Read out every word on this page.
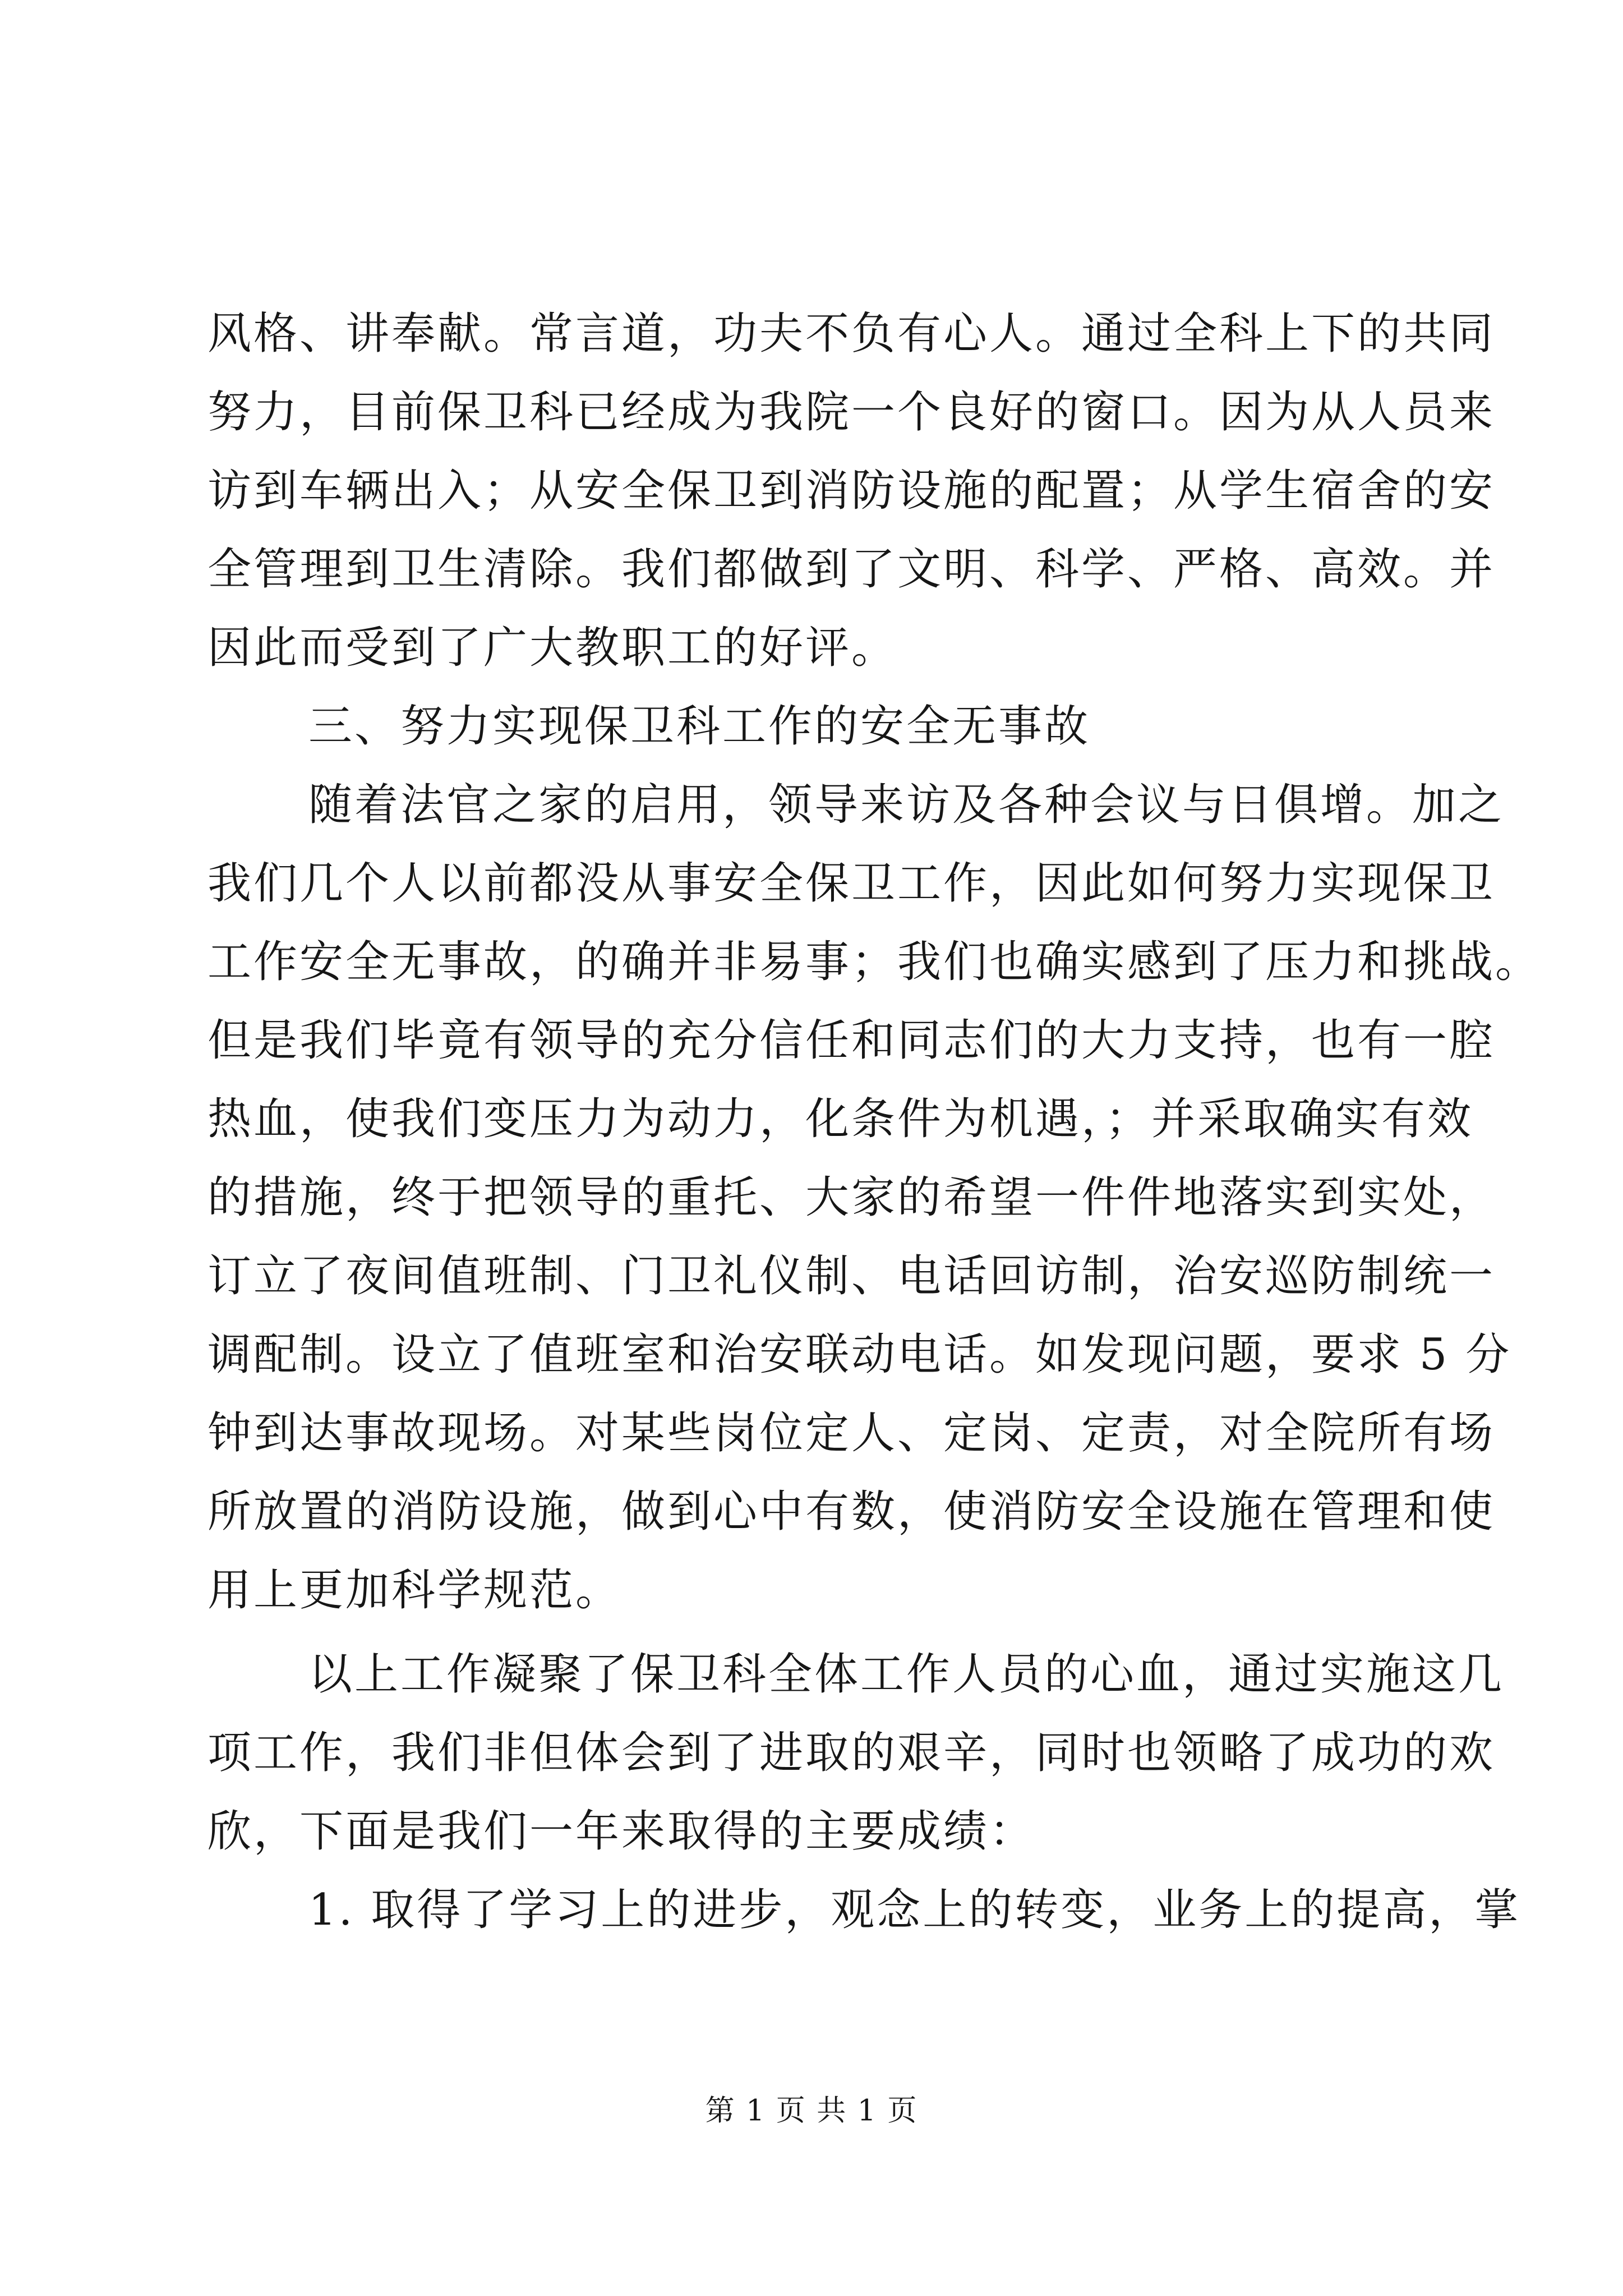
风格、讲奉献。常言道，功夫不负有心人。通过全科上下的共同
努力，目前保卫科已经成为我院一个良好的窗口。因为从人员来
访到车辆出入；从安全保卫到消防设施的配置；从学生宿舍的安
全管理到卫生清除。我们都做到了文明、科学、严格、高效。并
因此而受到了广大教职工的好评。
三、努力实现保卫科工作的安全无事故
随着法官之家的启用，领导来访及各种会议与日俱增。加之
我们几个人以前都没从事安全保卫工作，因此如何努力实现保卫
工作安全无事故，的确并非易事；我们也确实感到了压力和挑战。
但是我们毕竟有领导的充分信任和同志们的大力支持，也有一腔
热血，使我们变压力为动力，化条件为机遇，；并采取确实有效
的措施，终于把领导的重托、大家的希望一件件地落实到实处，
订立了夜间值班制、门卫礼仪制、电话回访制，治安巡防制统一
调配制。设立了值班室和治安联动电话。如发现问题，要求 5 分
钟到达事故现场。对某些岗位定人、定岗、定责，对全院所有场
所放置的消防设施，做到心中有数，使消防安全设施在管理和使
用上更加科学规范。
以上工作凝聚了保卫科全体工作人员的心血，通过实施这几
项工作，我们非但体会到了进取的艰辛，同时也领略了成功的欢
欣，下面是我们一年来取得的主要成绩：
1. 取得了学习上的进步，观念上的转变，业务上的提高，掌
第 1 页 共 1 页
